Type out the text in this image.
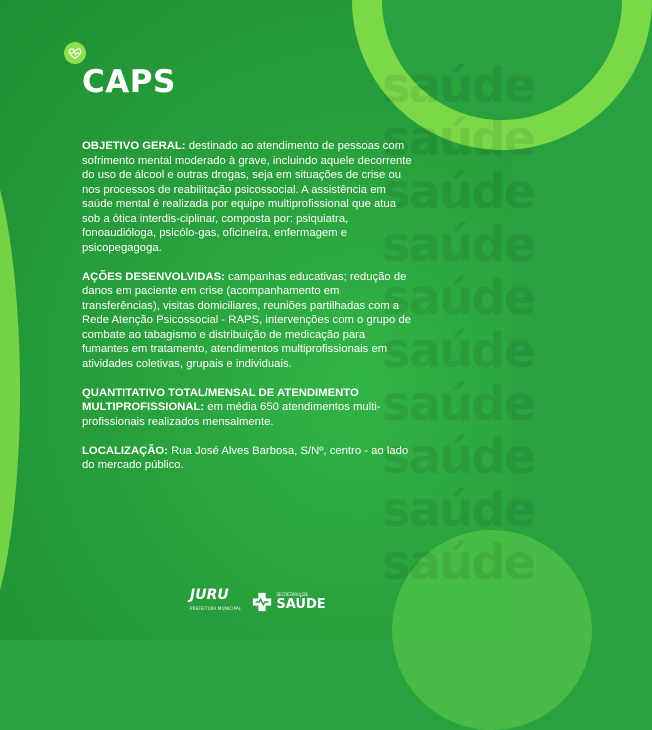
saúde
saúde
saúde
saúde
saúde
saúde
saúde
saúde
saúde
saúde
CAPS

OBJETIVO GERAL: destinado ao atendimento de pessoas com sofrimento mental moderado à grave, incluindo aquele decorrente do uso de álcool e outras drogas, seja em situações de crise ou nos processos de reabilitação psicossocial. A assistência em saúde mental é realizada por equipe multiprofissional que atua sob a ótica interdis-ciplinar, composta por: psiquiatra, fonoaudióloga, psicólo-gas, oficineira, enfermagem e psicopegagoga.

AÇÕES DESENVOLVIDAS: campanhas educativas; redução de danos em paciente em crise (acompanhamento em transferências), visitas domiciliares, reuniões partilhadas com a Rede Atenção Psicossocial - RAPS, intervenções com o grupo de combate ao tabagismo e distribuição de medicação para fumantes em tratamento, atendimentos multiprofissionais em atividades coletivas, grupais e individuais.

QUANTITATIVO TOTAL/MENSAL DE ATENDIMENTO MULTIPROFISSIONAL: em média 650 atendimentos multi-profissionais realizados mensalmente.

LOCALIZAÇÃO: Rua José Alves Barbosa, S/Nº, centro - ao lado do mercado público.

JURU
PREFEITURA MUNICIPAL
SECRETARIA DE
SAÚDE
